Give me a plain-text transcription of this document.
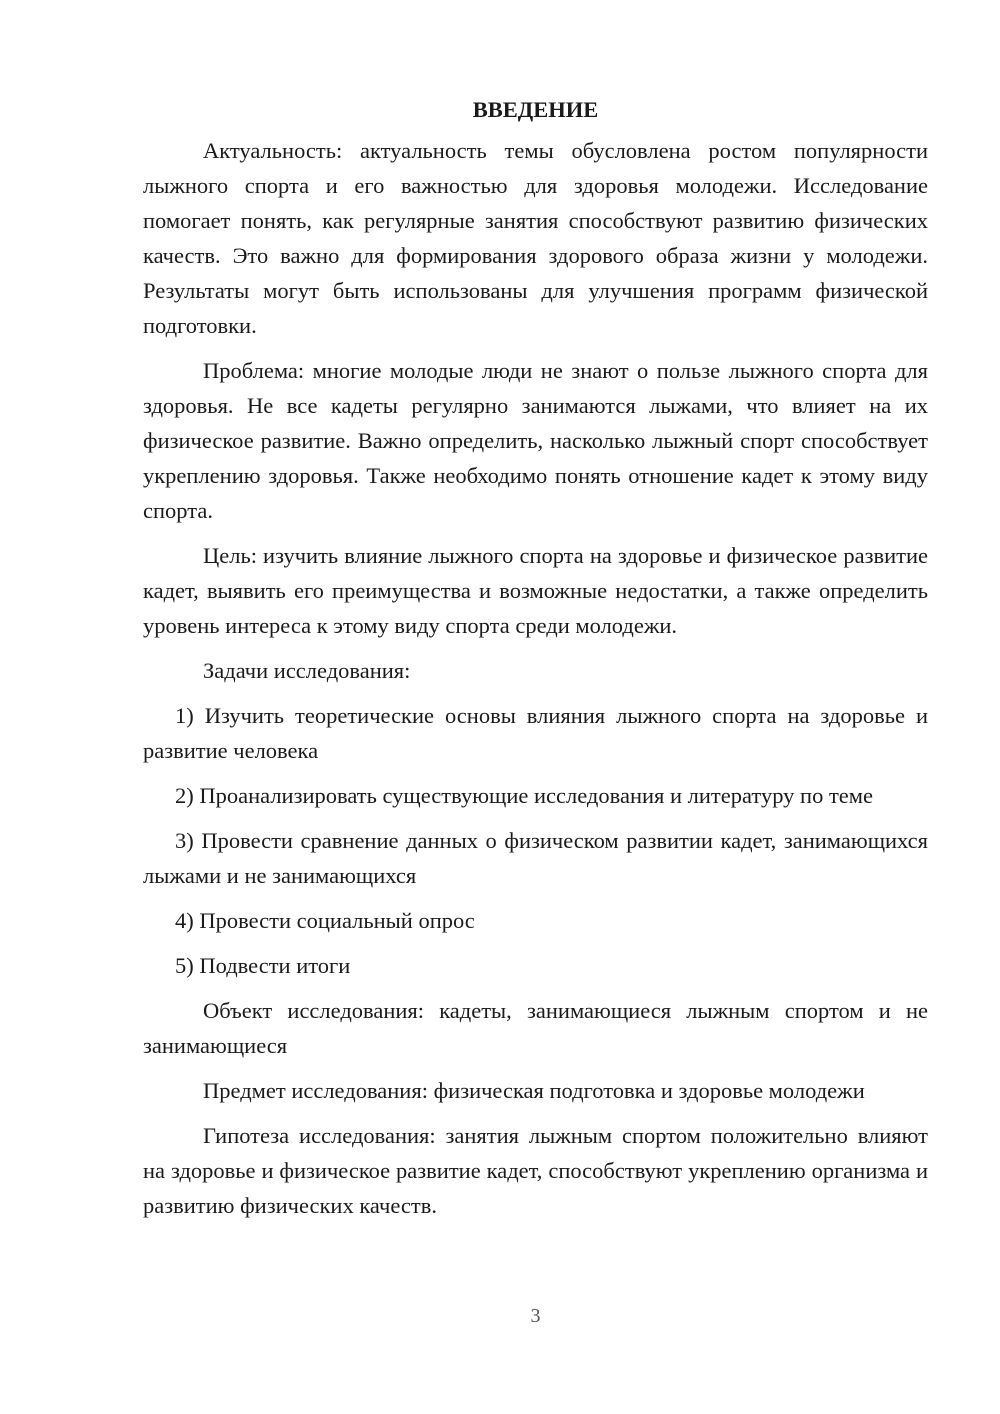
ВВЕДЕНИЕ

Актуальность: актуальность темы обусловлена ростом популярности лыжного спорта и его важностью для здоровья молодежи. Исследование помогает понять, как регулярные занятия способствуют развитию физических качеств. Это важно для формирования здорового образа жизни у молодежи. Результаты могут быть использованы для улучшения программ физической подготовки.

Проблема: многие молодые люди не знают о пользе лыжного спорта для здоровья. Не все кадеты регулярно занимаются лыжами, что влияет на их физическое развитие. Важно определить, насколько лыжный спорт способствует укреплению здоровья. Также необходимо понять отношение кадет к этому виду спорта.

Цель: изучить влияние лыжного спорта на здоровье и физическое развитие кадет, выявить его преимущества и возможные недостатки, а также определить уровень интереса к этому виду спорта среди молодежи.

Задачи исследования:

1) Изучить теоретические основы влияния лыжного спорта на здоровье и развитие человека

2) Проанализировать существующие исследования и литературу по теме

3) Провести сравнение данных о физическом развитии кадет, занимающихся лыжами и не занимающихся

4) Провести социальный опрос

5) Подвести итоги

Объект исследования: кадеты, занимающиеся лыжным спортом и не занимающиеся

Предмет исследования: физическая подготовка и здоровье молодежи

Гипотеза исследования: занятия лыжным спортом положительно влияют на здоровье и физическое развитие кадет, способствуют укреплению организма и развитию физических качеств.

3
